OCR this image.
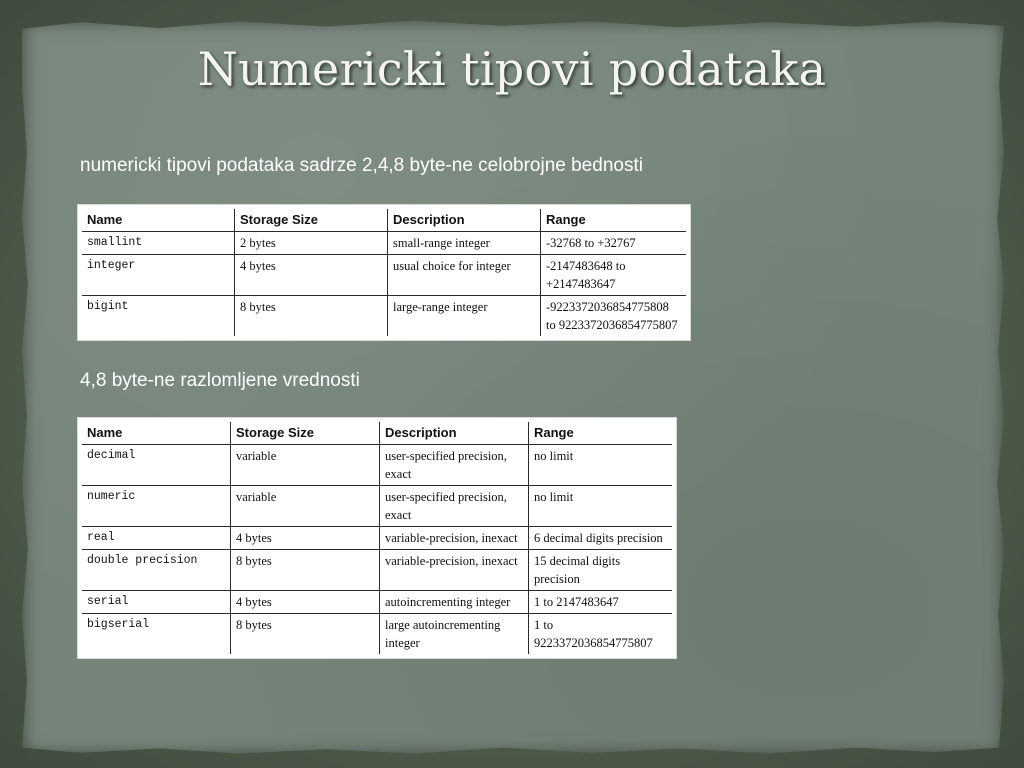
Numericki tipovi podataka
numericki tipovi podataka sadrze 2,4,8 byte-ne celobrojne bednosti
Name	Storage Size	Description	Range
smallint	2 bytes	small-range integer	-32768 to +32767
integer	4 bytes	usual choice for integer	-2147483648 to +2147483647
bigint	8 bytes	large-range integer	-9223372036854775808 to 9223372036854775807
4,8 byte-ne razlomljene vrednosti
Name	Storage Size	Description	Range
decimal	variable	user-specified precision, exact	no limit
numeric	variable	user-specified precision, exact	no limit
real	4 bytes	variable-precision, inexact	6 decimal digits precision
double precision	8 bytes	variable-precision, inexact	15 decimal digits precision
serial	4 bytes	autoincrementing integer	1 to 2147483647
bigserial	8 bytes	large autoincrementing integer	1 to 9223372036854775807
